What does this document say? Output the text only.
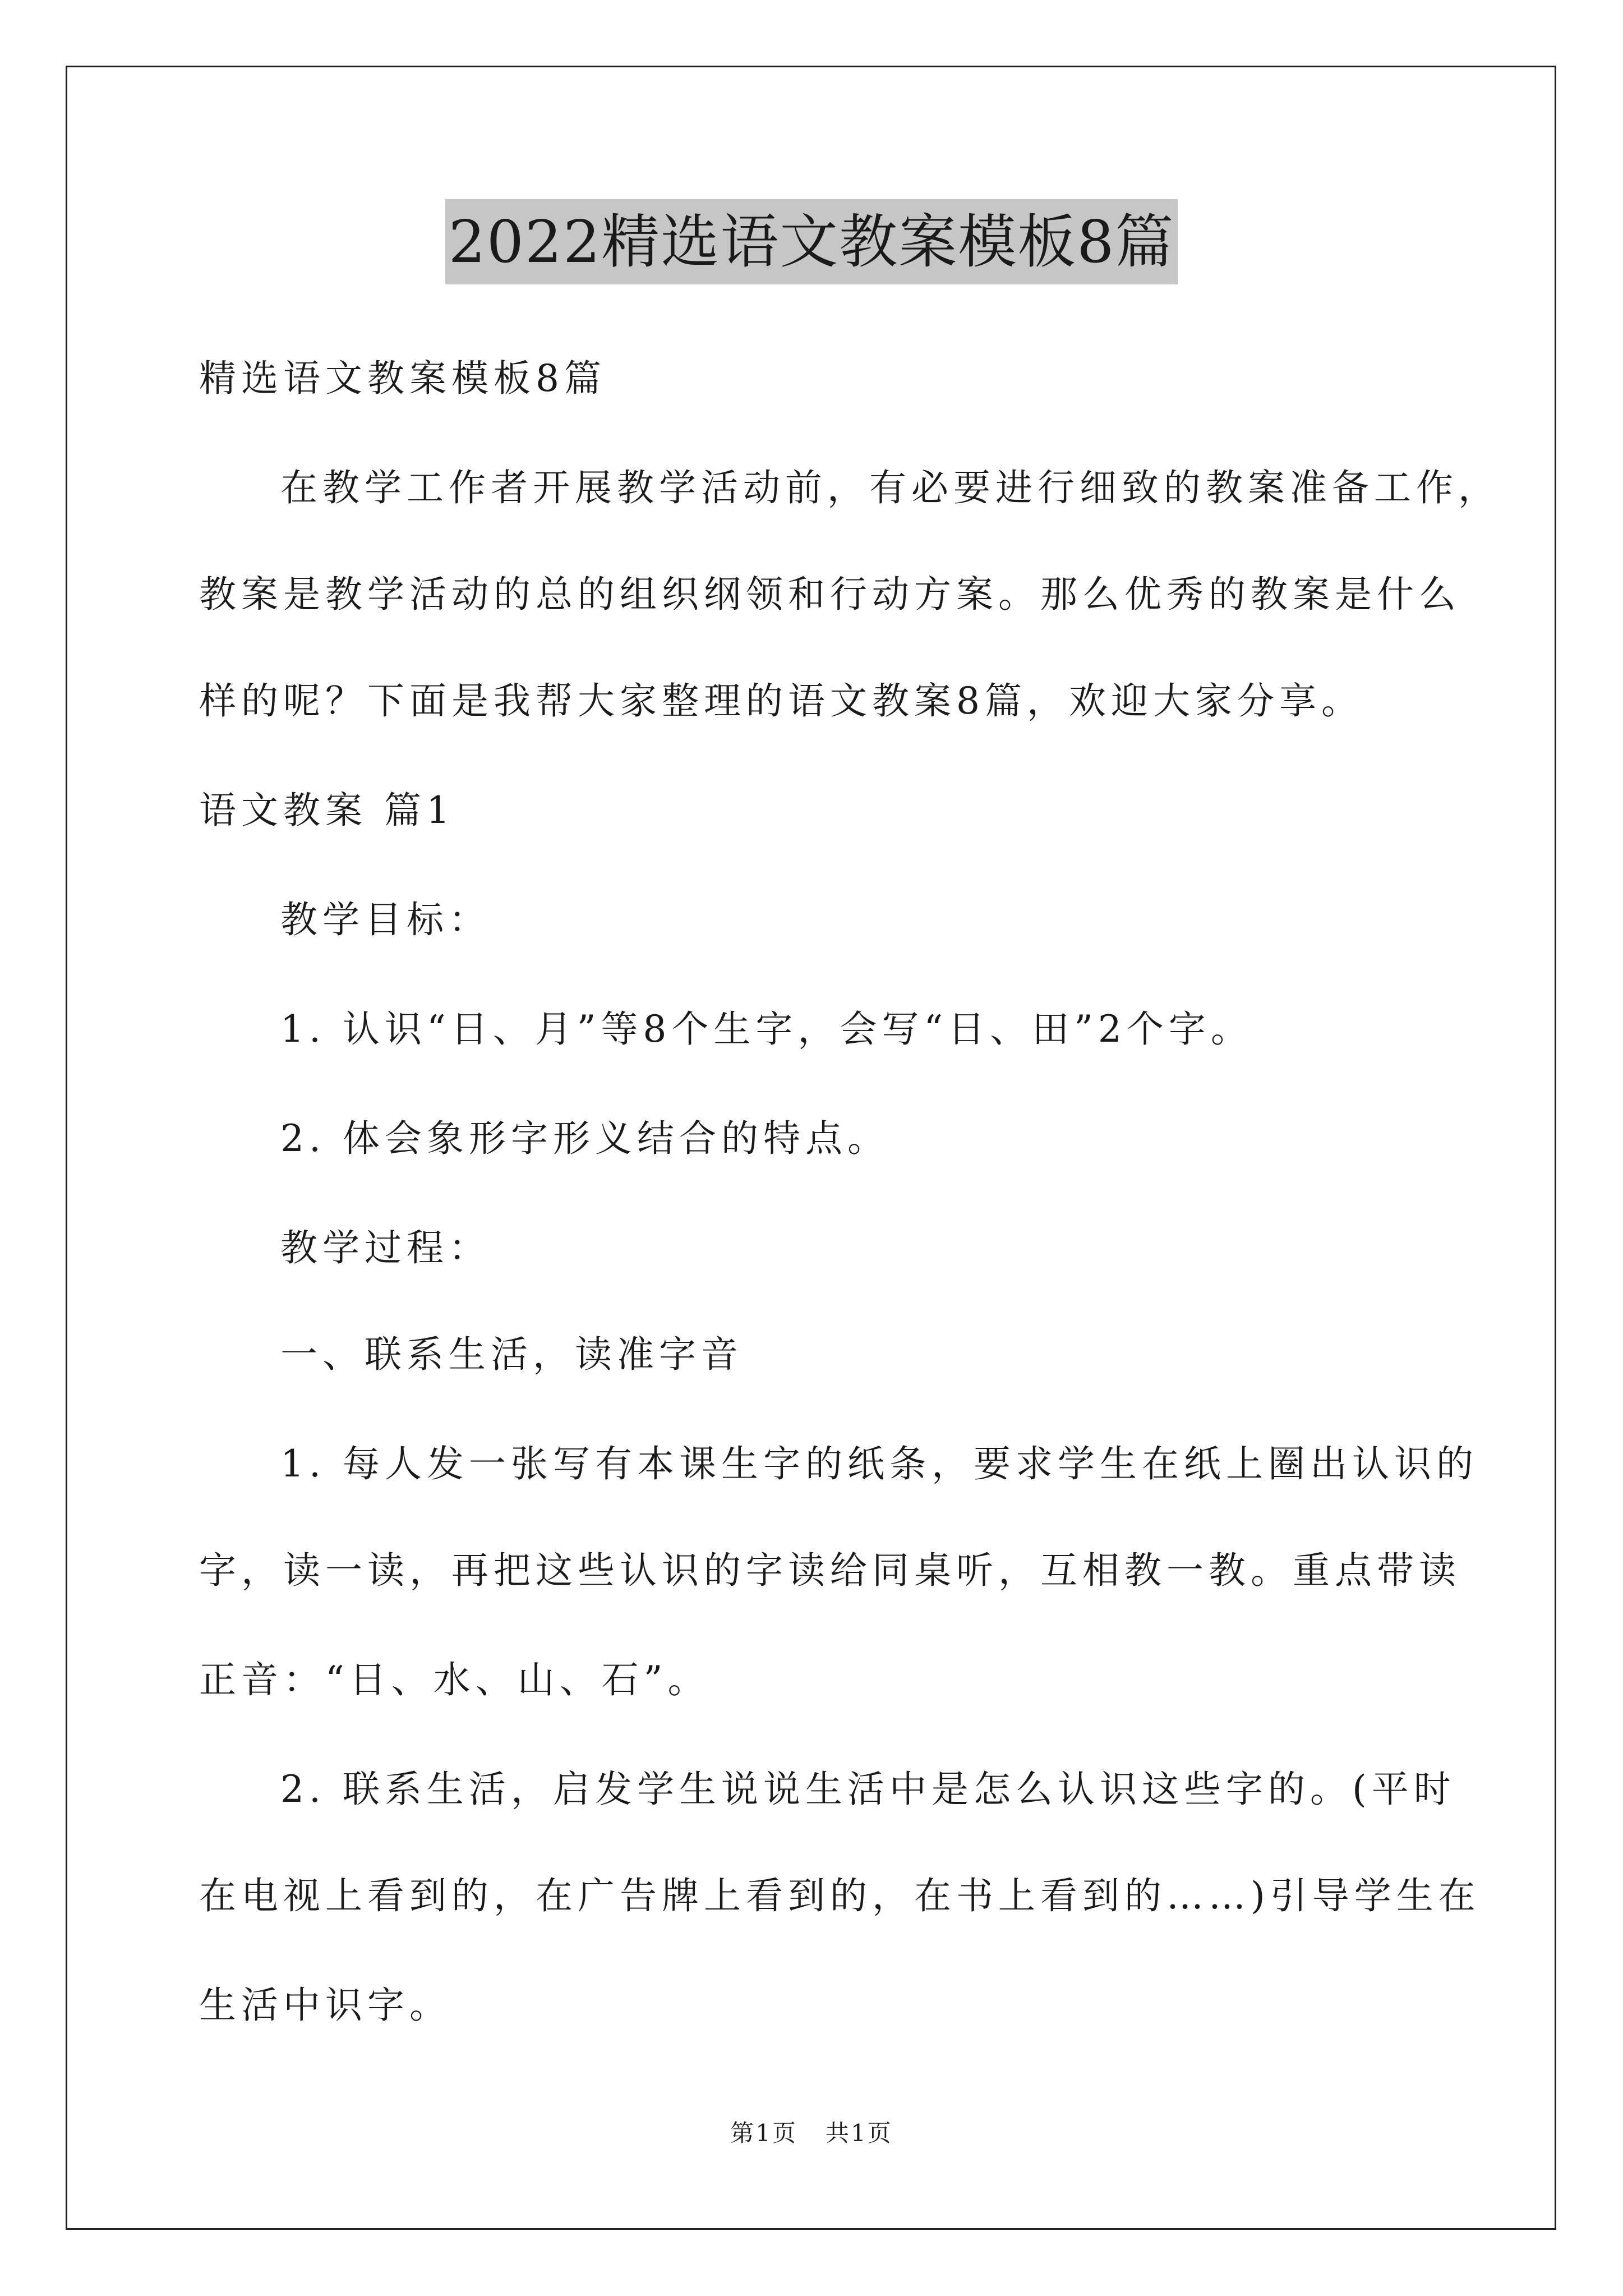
2022精选语文教案模板8篇
精选语文教案模板8篇
在教学工作者开展教学活动前，有必要进行细致的教案准备工作，
教案是教学活动的总的组织纲领和行动方案。那么优秀的教案是什么
样的呢？下面是我帮大家整理的语文教案8篇，欢迎大家分享。
语文教案 篇1
教学目标：
1. 认识“日、月”等8个生字，会写“日、田”2个字。
2. 体会象形字形义结合的特点。
教学过程：
一、联系生活，读准字音
1. 每人发一张写有本课生字的纸条，要求学生在纸上圈出认识的
字，读一读，再把这些认识的字读给同桌听，互相教一教。重点带读
正音：“日、水、山、石”。
2. 联系生活，启发学生说说生活中是怎么认识这些字的。(平时
在电视上看到的，在广告牌上看到的，在书上看到的……)引导学生在
生活中识字。
第1页 共1页
